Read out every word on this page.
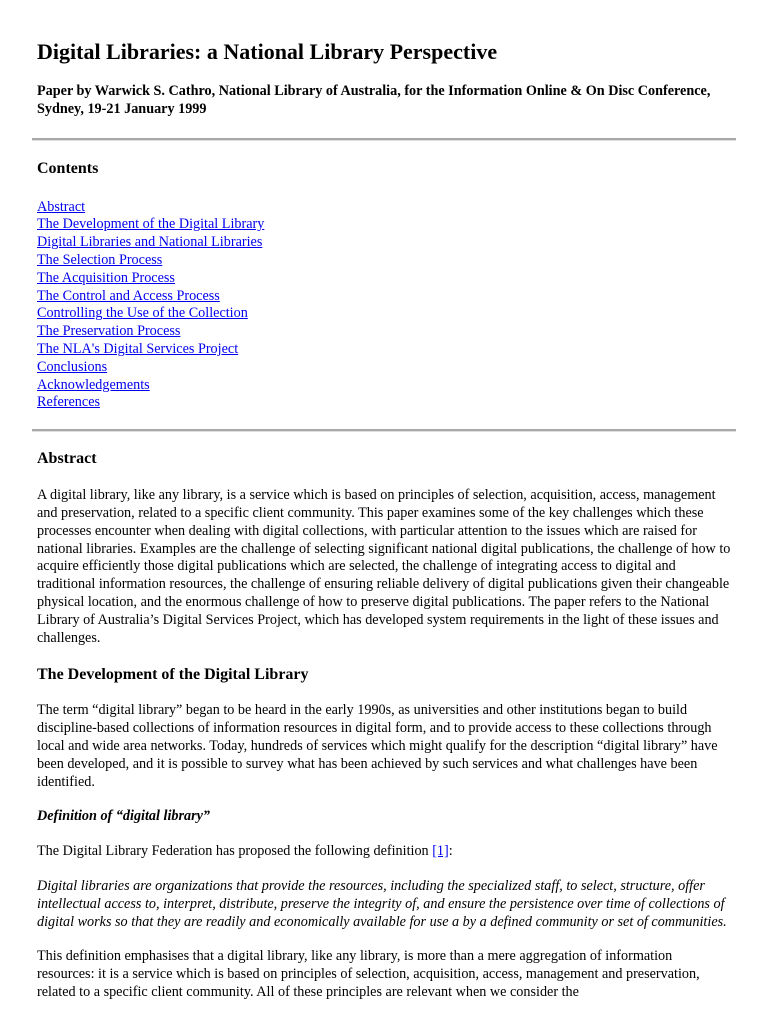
Digital Libraries: a National Library Perspective

Paper by Warwick S. Cathro, National Library of Australia, for the Information Online & On Disc Conference, Sydney, 19-21 January 1999

Contents
Abstract
The Development of the Digital Library
Digital Libraries and National Libraries
The Selection Process
The Acquisition Process
The Control and Access Process
Controlling the Use of the Collection
The Preservation Process
The NLA's Digital Services Project
Conclusions
Acknowledgements
References
Abstract

A digital library, like any library, is a service which is based on principles of selection, acquisition, access, management and preservation, related to a specific client community. This paper examines some of the key challenges which these processes encounter when dealing with digital collections, with particular attention to the issues which are raised for national libraries. Examples are the challenge of selecting significant national digital publications, the challenge of how to acquire efficiently those digital publications which are selected, the challenge of integrating access to digital and traditional information resources, the challenge of ensuring reliable delivery of digital publications given their changeable physical location, and the enormous challenge of how to preserve digital publications. The paper refers to the National Library of Australia’s Digital Services Project, which has developed system requirements in the light of these issues and challenges.

The Development of the Digital Library

The term “digital library” began to be heard in the early 1990s, as universities and other institutions began to build discipline-based collections of information resources in digital form, and to provide access to these collections through local and wide area networks. Today, hundreds of services which might qualify for the description “digital library” have been developed, and it is possible to survey what has been achieved by such services and what challenges have been identified.

Definition of “digital library”

The Digital Library Federation has proposed the following definition [1]:

Digital libraries are organizations that provide the resources, including the specialized staff, to select, structure, offer intellectual access to, interpret, distribute, preserve the integrity of, and ensure the persistence over time of collections of digital works so that they are readily and economically available for use a by a defined community or set of communities.

This definition emphasises that a digital library, like any library, is more than a mere aggregation of information resources: it is a service which is based on principles of selection, acquisition, access, management and preservation, related to a specific client community. All of these principles are relevant when we consider the
